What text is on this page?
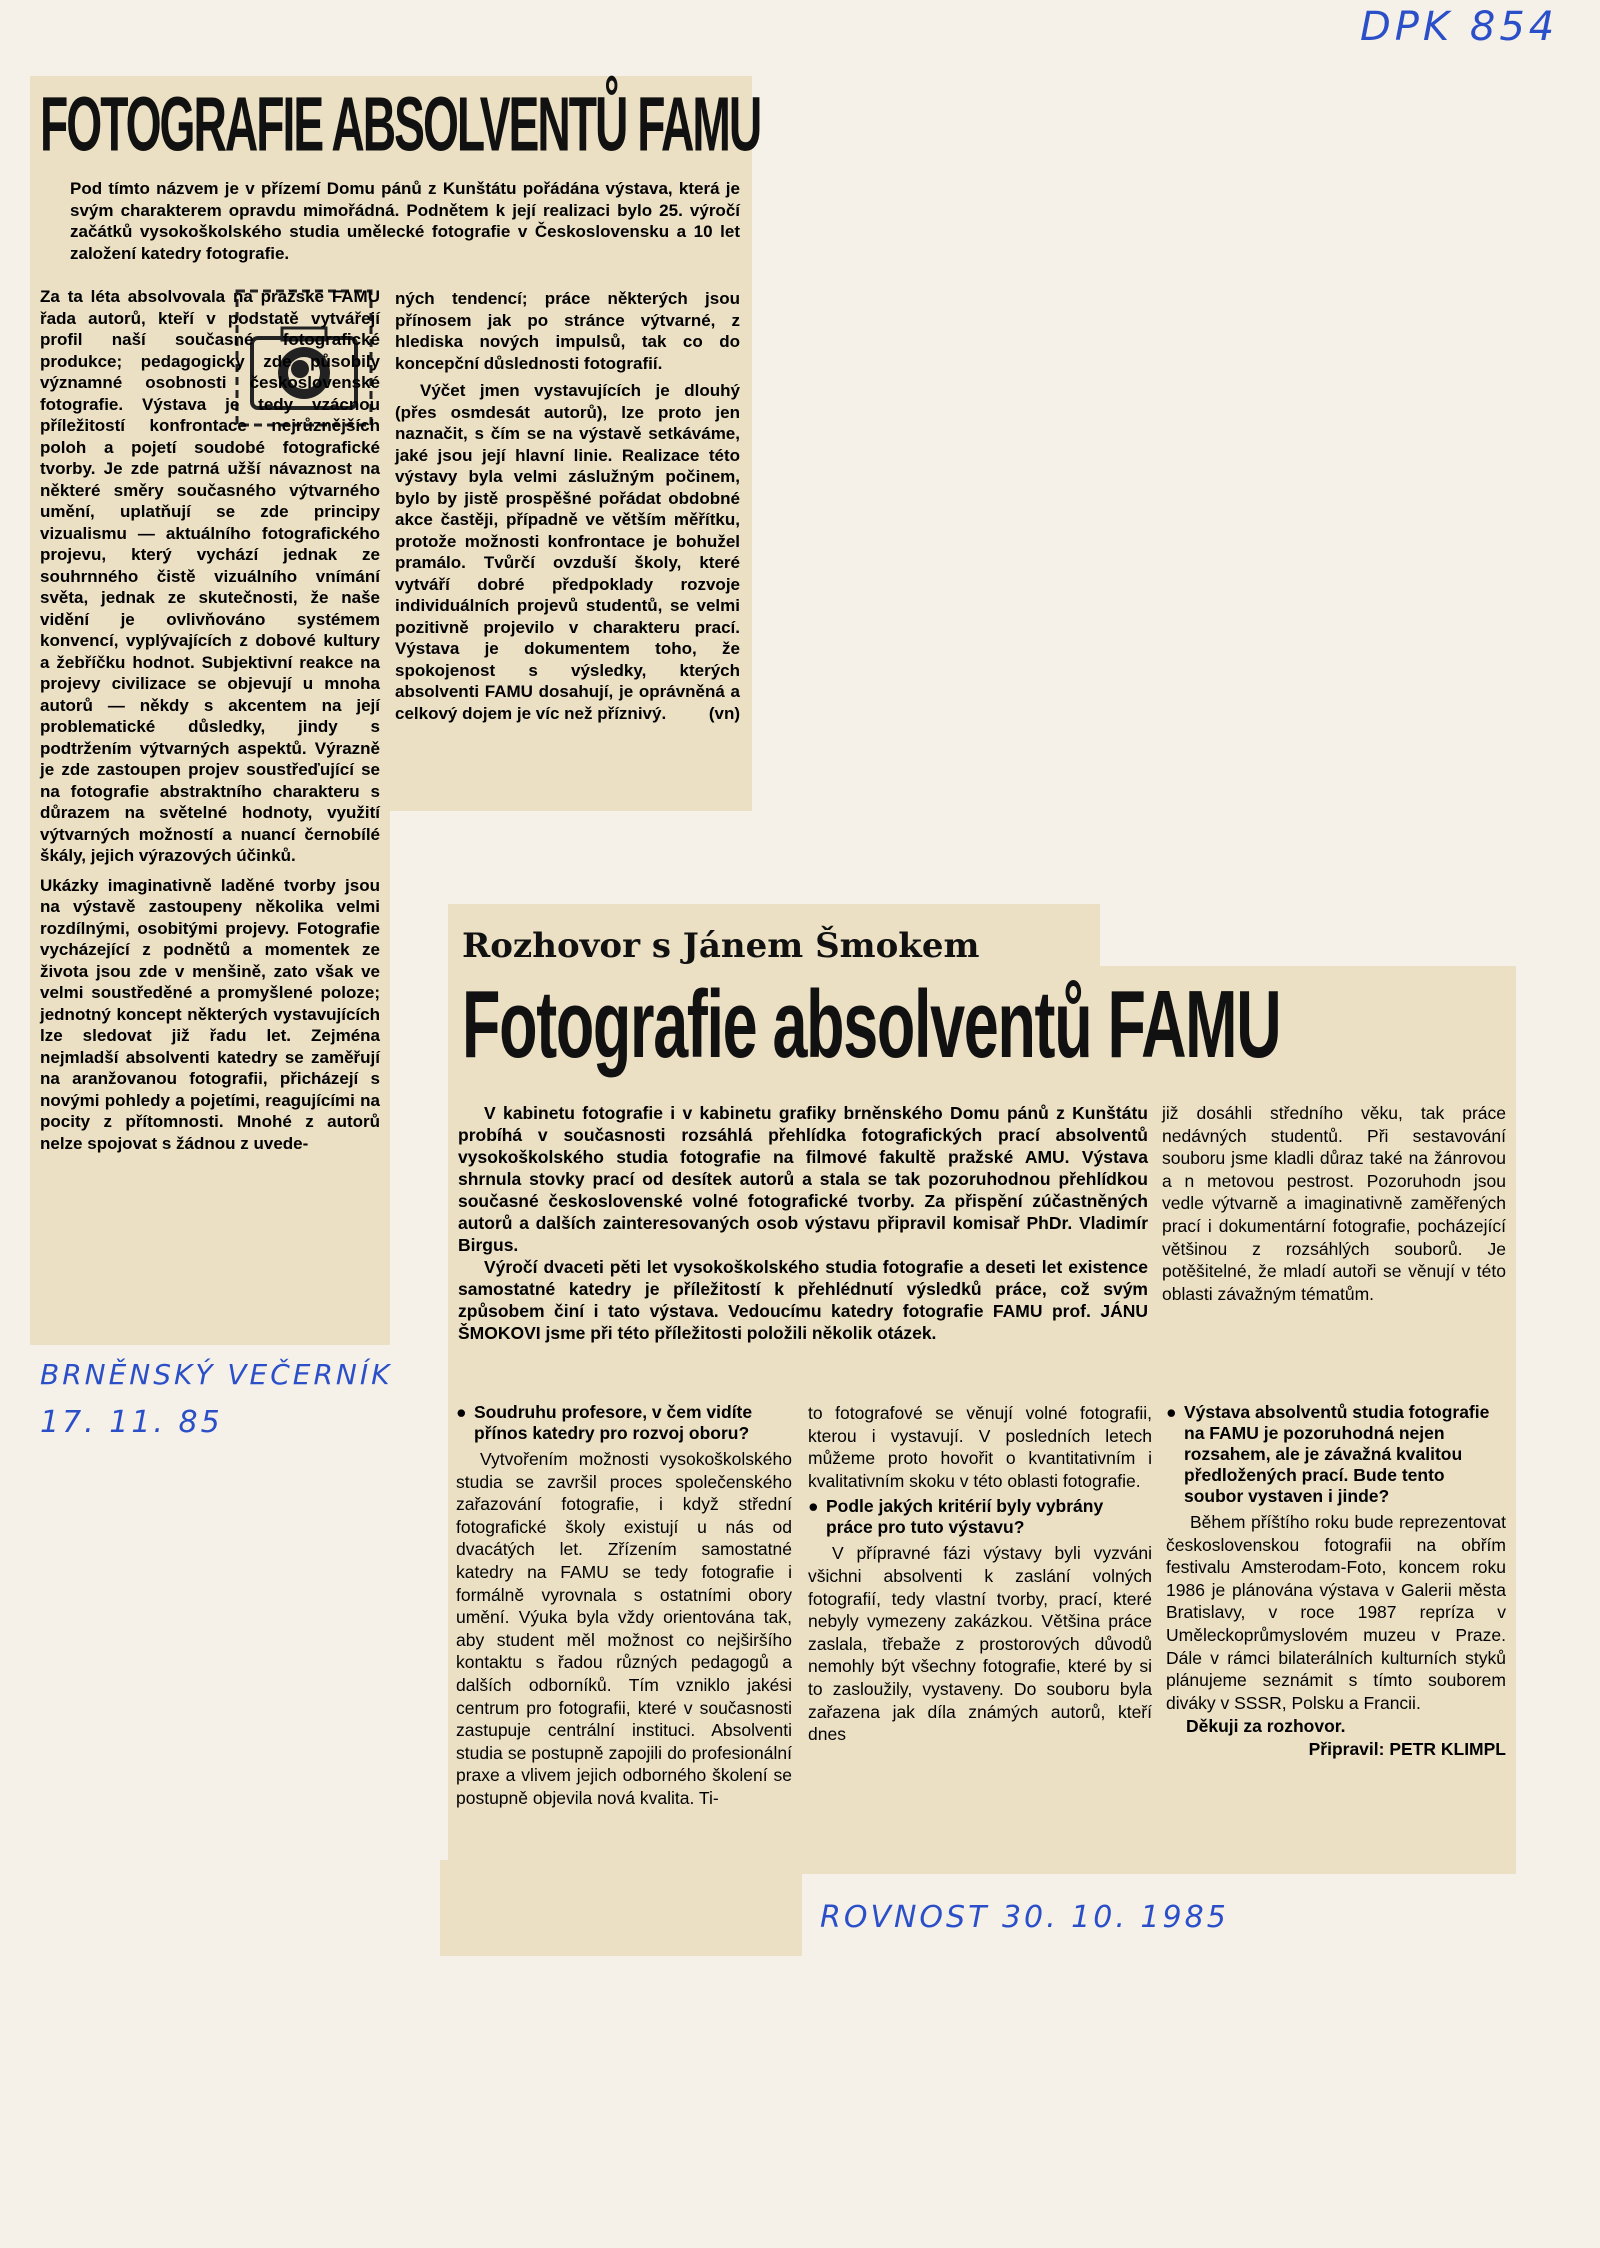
DPK 854
FOTOGRAFIE ABSOLVENTŮ FAMU

Pod tímto názvem je v přízemí Domu pánů z Kunštátu pořádána výstava, která je svým charakterem opravdu mimořádná. Podnětem k její realizaci bylo 25. výročí začátků vysokoškolského studia umělecké fotografie v Československu a 10 let založení katedry fotografie.

Za ta léta absolvovala na pražské FAMU řada autorů, kteří v podstatě vytvářejí profil naší současné fotografické produkce; pedagogicky zde působily významné osobnosti československé fotografie. Výstava je tedy vzácnou příležitostí konfrontace nejrůznějších poloh a pojetí soudobé fotografické tvorby. Je zde patrná užší návaznost na některé směry současného výtvarného umění, uplatňují se zde principy vizualismu — aktuálního fotografického projevu, který vychází jednak ze souhrnného čistě vizuálního vnímání světa, jednak ze skutečnosti, že naše vidění je ovlivňováno systémem konvencí, vyplývajících z dobové kultury a žebříčku hodnot. Subjektivní reakce na projevy civilizace se objevují u mnoha autorů — někdy s akcentem na její problematické důsledky, jindy s podtržením výtvarných aspektů. Výrazně je zde zastoupen projev soustřeďující se na fotografie abstraktního charakteru s důrazem na světelné hodnoty, využití výtvarných možností a nuancí černobílé škály, jejich výrazových účinků.

Ukázky imaginativně laděné tvorby jsou na výstavě zastoupeny několika velmi rozdílnými, osobitými projevy. Fotografie vycházející z podnětů a momentek ze života jsou zde v menšině, zato však ve velmi soustředěné a promyšlené poloze; jednotný koncept některých vystavujících lze sledovat již řadu let. Zejména nejmladší absolventi katedry se zaměřují na aranžovanou fotografii, přicházejí s novými pohledy a pojetími, reagujícími na pocity z přítomnosti. Mnohé z autorů nelze spojovat s žádnou z uvede-

ných tendencí; práce některých jsou přínosem jak po stránce výtvarné, z hlediska nových impulsů, tak co do koncepční důslednosti fotografií.

Výčet jmen vystavujících je dlouhý (přes osmdesát autorů), lze proto jen naznačit, s čím se na výstavě setkáváme, jaké jsou její hlavní linie. Realizace této výstavy byla velmi záslužným počinem, bylo by jistě prospěšné pořádat obdobné akce častěji, případně ve větším měřítku, protože možnosti konfrontace je bohužel pramálo. Tvůrčí ovzduší školy, které vytváří dobré předpoklady rozvoje individuálních projevů studentů, se velmi pozitivně projevilo v charakteru prací. Výstava je dokumentem toho, že spokojenost s výsledky, kterých absolventi FAMU dosahují, je oprávněná a celkový dojem je víc než příznivý.	(vn)
BRNĚNSKÝ VEČERNÍK
17. 11. 85
Rozhovor s Jánem Šmokem
Fotografie absolventů FAMU

V kabinetu fotografie i v kabinetu grafiky brněnského Domu pánů z Kunštátu probíhá v současnosti rozsáhlá přehlídka fotografických prací absolventů vysokoškolského studia fotografie na filmové fakultě pražské AMU. Výstava shrnula stovky prací od desítek autorů a stala se tak pozoruhodnou přehlídkou současné československé volné fotografické tvorby. Za přispění zúčastněných autorů a dalších zainteresovaných osob výstavu připravil komisař PhDr. Vladimír Birgus.

Výročí dvaceti pěti let vysokoškolského studia fotografie a deseti let existence samostatné katedry je příležitostí k přehlédnutí výsledků práce, což svým způsobem činí i tato výstava. Vedoucímu katedry fotografie FAMU prof. JÁNU ŠMOKOVI jsme při této příležitosti položili několik otázek.

již dosáhli středního věku, tak práce nedávných studentů. Při sestavování souboru jsme kladli důraz také na žánrovou a n metovou pestrost. Pozoruhodn jsou vedle výtvarně a imaginativně zaměřených prací i dokumentární fotografie, pocházející většinou z rozsáhlých souborů. Je potěšitelné, že mladí autoři se věnují v této oblasti závažným tématům.

● Soudruhu profesore, v čem vidíte přínos katedry pro rozvoj oboru?

Vytvořením možnosti vysokoškolského studia se završil proces společenského zařazování fotografie, i když střední fotografické školy existují u nás od dvacátých let. Zřízením samostatné katedry na FAMU se tedy fotografie i formálně vyrovnala s ostatními obory umění. Výuka byla vždy orientována tak, aby student měl možnost co nejširšího kontaktu s řadou různých pedagogů a dalších odborníků. Tím vzniklo jakési centrum pro fotografii, které v současnosti zastupuje centrální instituci. Absolventi studia se postupně zapojili do profesionální praxe a vlivem jejich odborného školení se postupně objevila nová kvalita. Ti-

to fotografové se věnují volné fotografii, kterou i vystavují. V posledních letech můžeme proto hovořit o kvantitativním i kvalitativním skoku v této oblasti fotografie.

● Podle jakých kritérií byly vybrány práce pro tuto výstavu?

V přípravné fázi výstavy byli vyzváni všichni absolventi k zaslání volných fotografií, tedy vlastní tvorby, prací, které nebyly vymezeny zakázkou. Většina práce zaslala, třebaže z prostorových důvodů nemohly být všechny fotografie, které by si to zasloužily, vystaveny. Do souboru byla zařazena jak díla známých autorů, kteří dnes

● Výstava absolventů studia fotografie na FAMU je pozoruhodná nejen rozsahem, ale je závažná kvalitou předložených prací. Bude tento soubor vystaven i jinde?

Během příštího roku bude reprezentovat československou fotografii na obřím festivalu Amsterodam-Foto, koncem roku 1986 je plánována výstava v Galerii města Bratislavy, v roce 1987 repríza v Uměleckoprůmyslovém muzeu v Praze. Dále v rámci bilaterálních kulturních styků plánujeme seznámit s tímto souborem diváky v SSSR, Polsku a Francii.

Děkuji za rozhovor.

Připravil: PETR KLIMPL

ROVNOST 30. 10. 1985
